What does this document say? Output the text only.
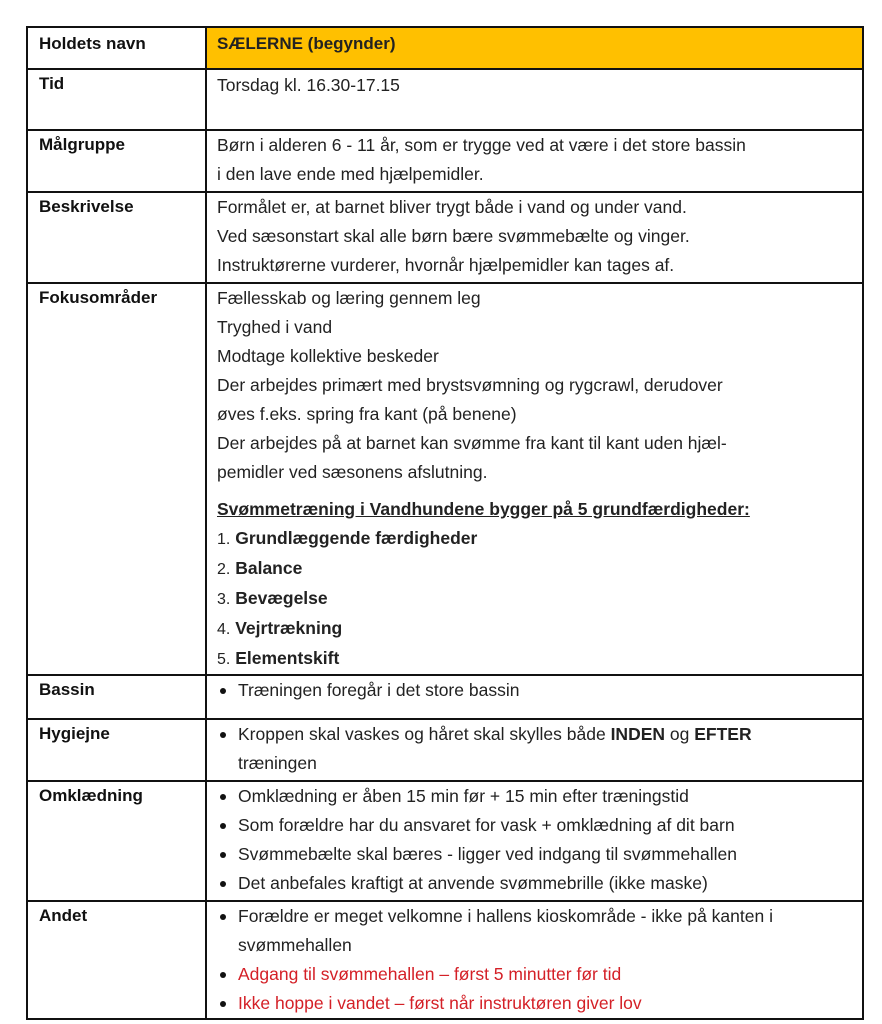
Holdets navn	SÆLERNE (begynder)
Tid	Torsdag kl. 16.30-17.15

Målgruppe	Børn i alderen 6 - 11 år, som er trygge ved at være i det store bassin
i den lave ende med hjælpemidler.

Beskrivelse	Formålet er, at barnet bliver trygt både i vand og under vand.
Ved sæsonstart skal alle børn bære svømmebælte og vinger.
Instruktørerne vurderer, hvornår hjælpemidler kan tages af.

Fokusområder	Fællesskab og læring gennem leg
Tryghed i vand
Modtage kollektive beskeder
Der arbejdes primært med brystsvømning og rygcrawl, derudover
øves f.eks. spring fra kant (på benene)
Der arbejdes på at barnet kan svømme fra kant til kant uden hjæl-
pemidler ved sæsonens afslutning.
Svømmetræning i Vandhundene bygger på 5 grundfærdigheder:
1. Grundlæggende færdigheder
2. Balance
3. Bevægelse
4. Vejrtrækning
5. Elementskift

Bassin	Træningen foregår i det store bassin

Hygiejne	Kroppen skal vaskes og håret skal skylles både INDEN og EFTER
træningen

Omklædning	Omklædning er åben 15 min før + 15 min efter træningstid
Som forældre har du ansvaret for vask + omklædning af dit barn
Svømmebælte skal bæres - ligger ved indgang til svømmehallen
Det anbefales kraftigt at anvende svømmebrille (ikke maske)

Andet	Forældre er meget velkomne i hallens kioskområde - ikke på kanten i svømmehallen
Adgang til svømmehallen – først 5 minutter før tid
Ikke hoppe i vandet – først når instruktøren giver lov
